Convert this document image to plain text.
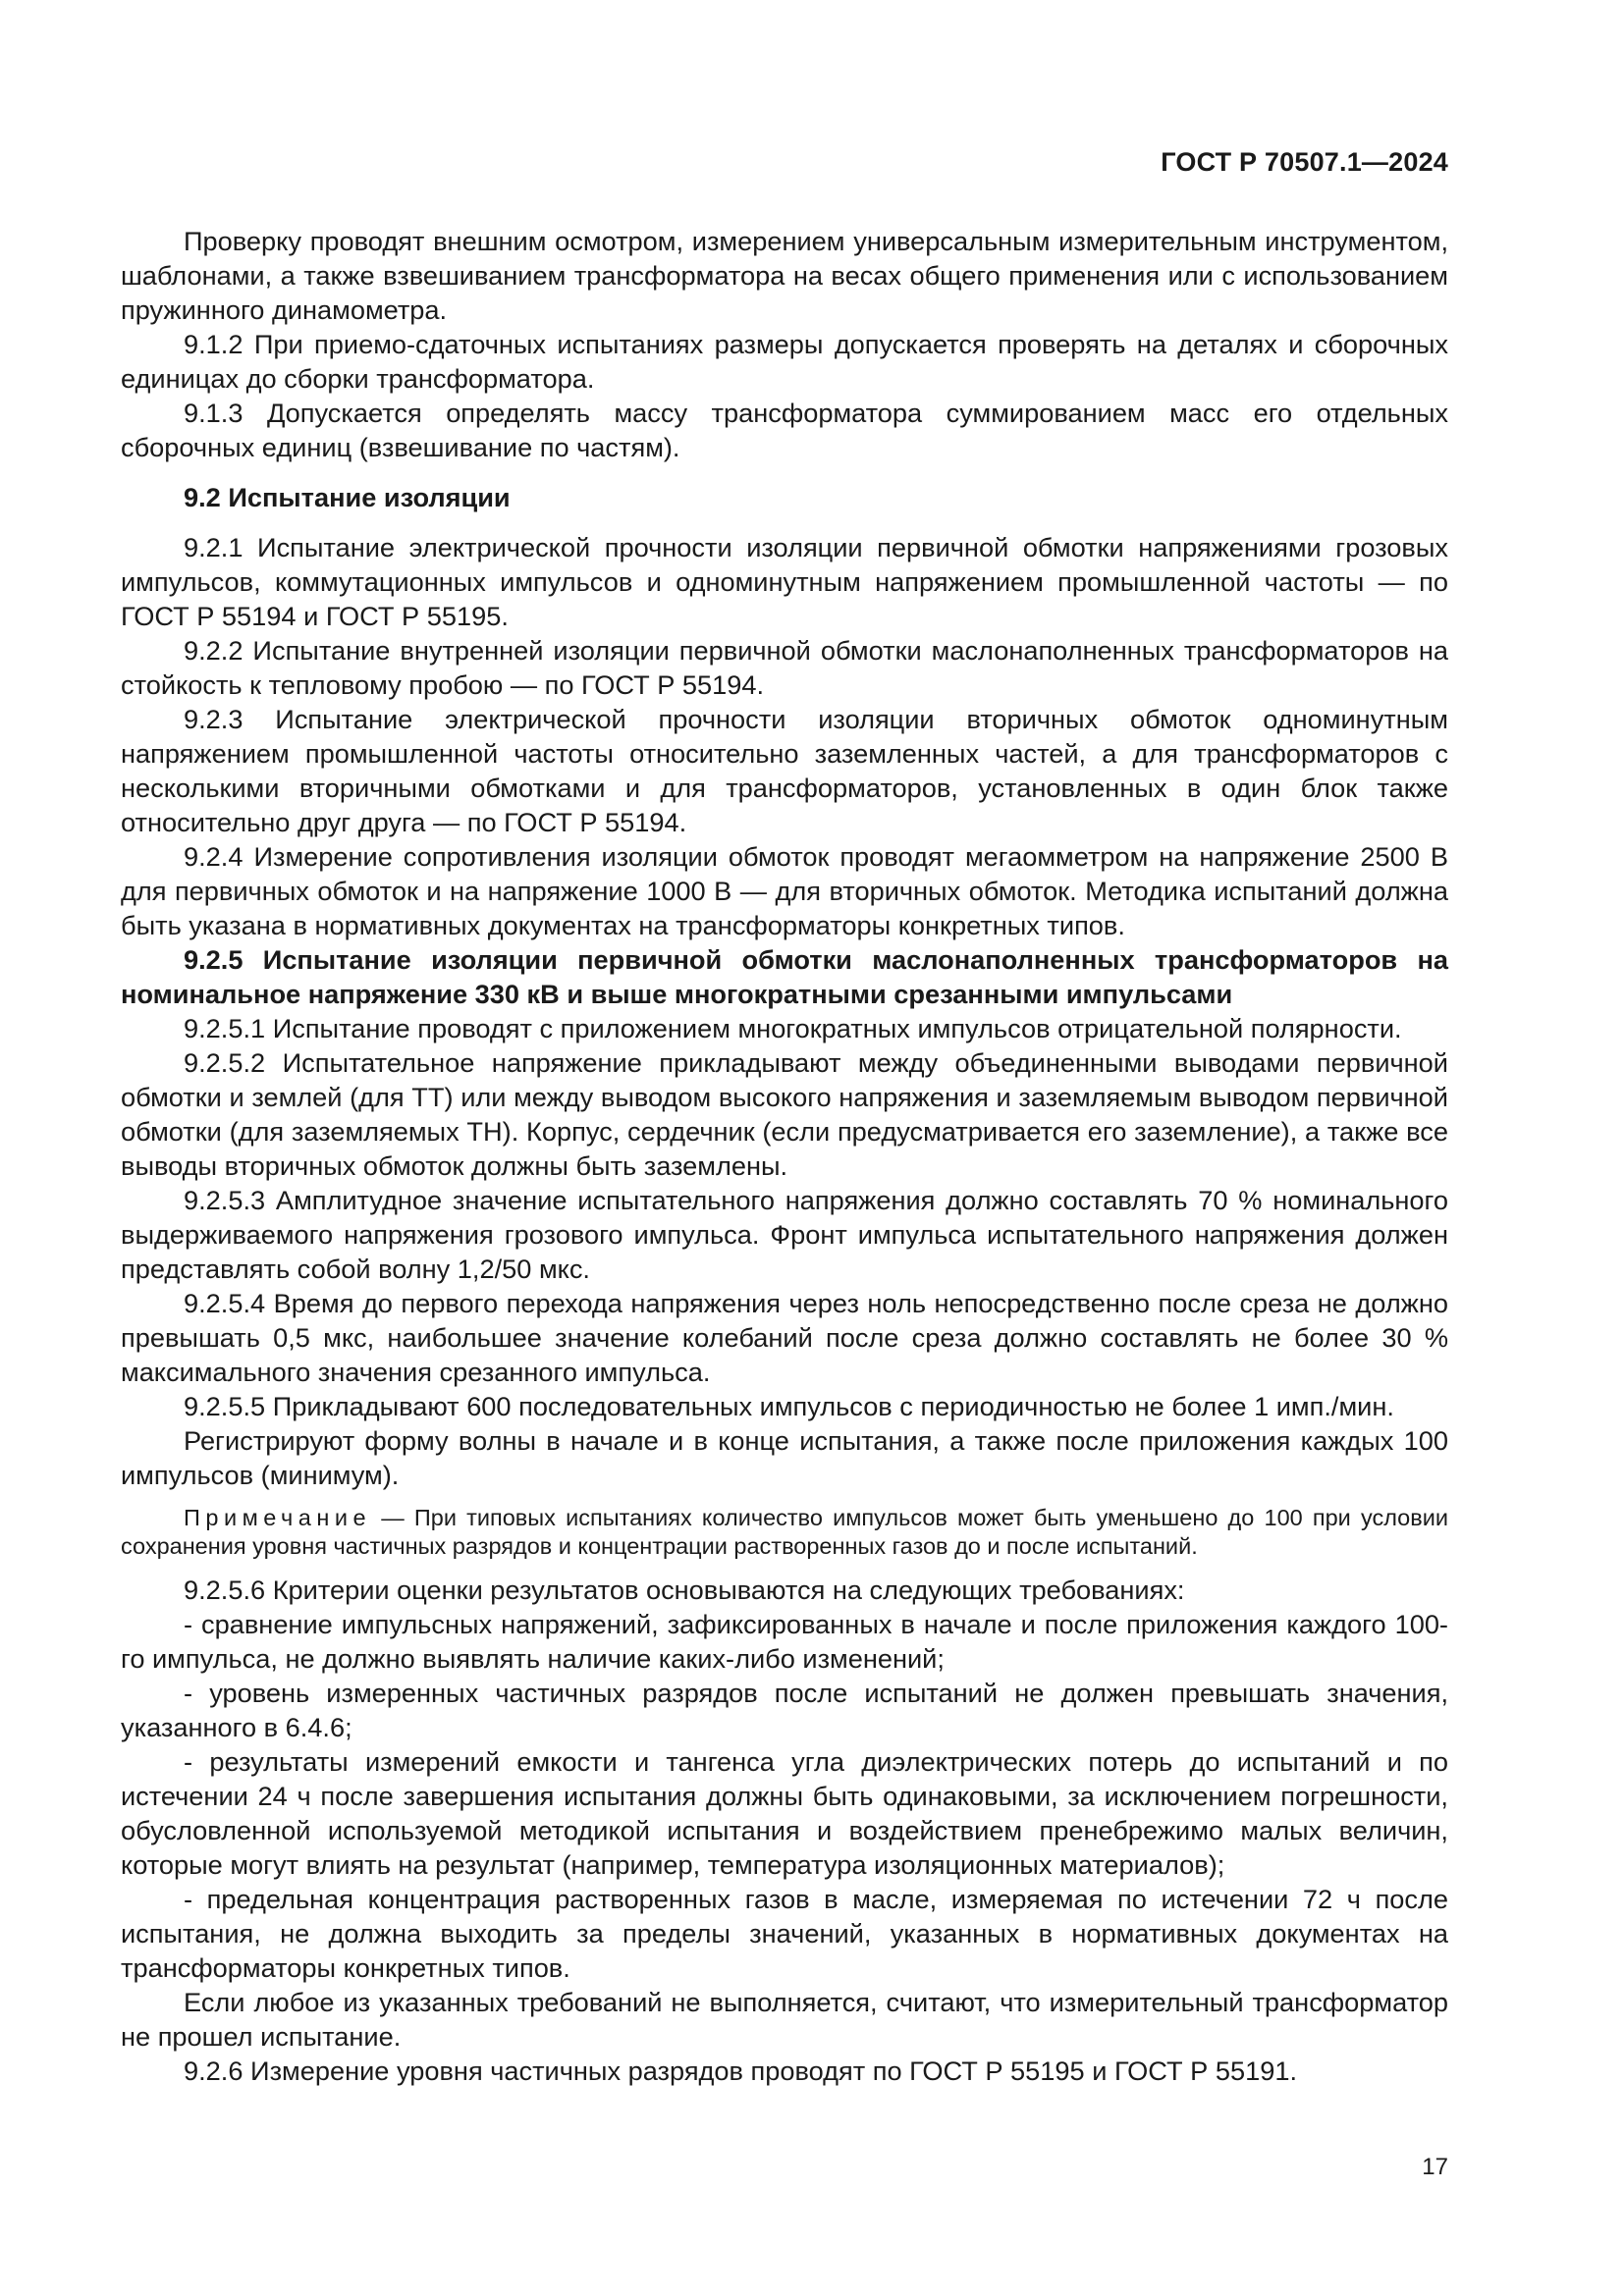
ГОСТ Р 70507.1—2024

Проверку проводят внешним осмотром, измерением универсальным измерительным инструментом, шаблонами, а также взвешиванием трансформатора на весах общего применения или с использованием пружинного динамометра.

9.1.2 При приемо-сдаточных испытаниях размеры допускается проверять на деталях и сборочных единицах до сборки трансформатора.

9.1.3 Допускается определять массу трансформатора суммированием масс его отдельных сборочных единиц (взвешивание по частям).

9.2 Испытание изоляции

9.2.1 Испытание электрической прочности изоляции первичной обмотки напряжениями грозовых импульсов, коммутационных импульсов и одноминутным напряжением промышленной частоты — по ГОСТ Р 55194 и ГОСТ Р 55195.

9.2.2 Испытание внутренней изоляции первичной обмотки маслонаполненных трансформаторов на стойкость к тепловому пробою — по ГОСТ Р 55194.

9.2.3 Испытание электрической прочности изоляции вторичных обмоток одноминутным напряжением промышленной частоты относительно заземленных частей, а для трансформаторов с несколькими вторичными обмотками и для трансформаторов, установленных в один блок также относительно друг друга — по ГОСТ Р 55194.

9.2.4 Измерение сопротивления изоляции обмоток проводят мегаомметром на напряжение 2500 В для первичных обмоток и на напряжение 1000 В — для вторичных обмоток. Методика испытаний должна быть указана в нормативных документах на трансформаторы конкретных типов.

9.2.5 Испытание изоляции первичной обмотки маслонаполненных трансформаторов на номинальное напряжение 330 кВ и выше многократными срезанными импульсами

9.2.5.1 Испытание проводят с приложением многократных импульсов отрицательной полярности.

9.2.5.2 Испытательное напряжение прикладывают между объединенными выводами первичной обмотки и землей (для ТТ) или между выводом высокого напряжения и заземляемым выводом первичной обмотки (для заземляемых ТН). Корпус, сердечник (если предусматривается его заземление), а также все выводы вторичных обмоток должны быть заземлены.

9.2.5.3 Амплитудное значение испытательного напряжения должно составлять 70 % номинального выдерживаемого напряжения грозового импульса. Фронт импульса испытательного напряжения должен представлять собой волну 1,2/50 мкс.

9.2.5.4 Время до первого перехода напряжения через ноль непосредственно после среза не должно превышать 0,5 мкс, наибольшее значение колебаний после среза должно составлять не более 30 % максимального значения срезанного импульса.

9.2.5.5 Прикладывают 600 последовательных импульсов с периодичностью не более 1 имп./мин.

Регистрируют форму волны в начале и в конце испытания, а также после приложения каждых 100 импульсов (минимум).

Примечание — При типовых испытаниях количество импульсов может быть уменьшено до 100 при условии сохранения уровня частичных разрядов и концентрации растворенных газов до и после испытаний.

9.2.5.6 Критерии оценки результатов основываются на следующих требованиях:

- сравнение импульсных напряжений, зафиксированных в начале и после приложения каждого 100-го импульса, не должно выявлять наличие каких-либо изменений;

- уровень измеренных частичных разрядов после испытаний не должен превышать значения, указанного в 6.4.6;

- результаты измерений емкости и тангенса угла диэлектрических потерь до испытаний и по истечении 24 ч после завершения испытания должны быть одинаковыми, за исключением погрешности, обусловленной используемой методикой испытания и воздействием пренебрежимо малых величин, которые могут влиять на результат (например, температура изоляционных материалов);

- предельная концентрация растворенных газов в масле, измеряемая по истечении 72 ч после испытания, не должна выходить за пределы значений, указанных в нормативных документах на трансформаторы конкретных типов.

Если любое из указанных требований не выполняется, считают, что измерительный трансформатор не прошел испытание.

9.2.6 Измерение уровня частичных разрядов проводят по ГОСТ Р 55195 и ГОСТ Р 55191.

17
